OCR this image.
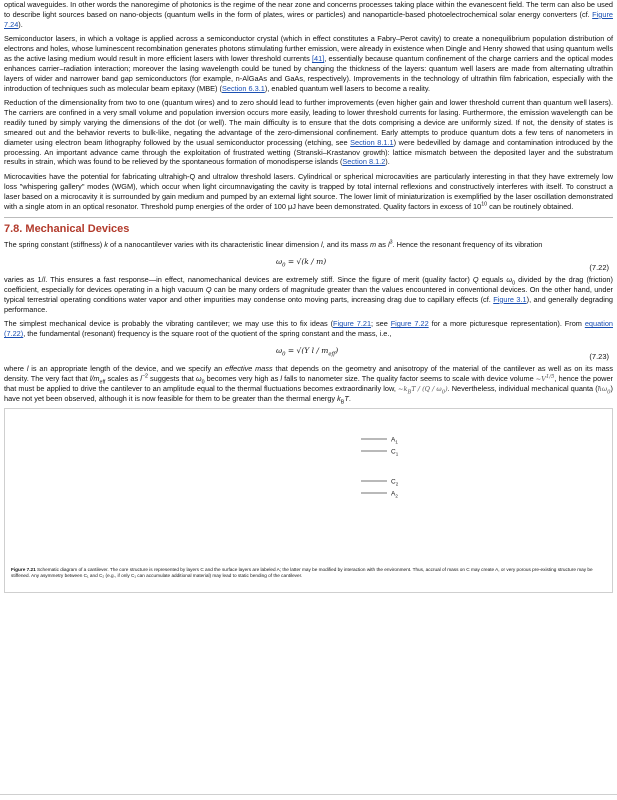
optical waveguides. In other words the nanoregime of photonics is the regime of the near zone and concerns processes taking place within the evanescent field. The term can also be used to describe light sources based on nano-objects (quantum wells in the form of plates, wires or particles) and nanoparticle-based photoelectrochemical solar energy converters (cf. Figure 7.24).

Semiconductor lasers, in which a voltage is applied across a semiconductor crystal (which in effect constitutes a Fabry–Perot cavity) to create a nonequilibrium population distribution of electrons and holes, whose luminescent recombination generates photons stimulating further emission, were already in existence when Dingle and Henry showed that using quantum wells as the active lasing medium would result in more efficient lasers with lower threshold currents [41], essentially because quantum confinement of the charge carriers and the optical modes enhances carrier–radiation interaction; moreover the lasing wavelength could be tuned by changing the thickness of the layers: quantum well lasers are made from alternating ultrathin layers of wider and narrower band gap semiconductors (for example, n-AlGaAs and GaAs, respectively). Improvements in the technology of ultrathin film fabrication, especially with the introduction of techniques such as molecular beam epitaxy (MBE) (Section 6.3.1), enabled quantum well lasers to become a reality.

Reduction of the dimensionality from two to one (quantum wires) and to zero should lead to further improvements (even higher gain and lower threshold current than quantum well lasers). The carriers are confined in a very small volume and population inversion occurs more easily, leading to lower threshold currents for lasing. Furthermore, the emission wavelength can be readily tuned by simply varying the dimensions of the dot (or well). The main difficulty is to ensure that the dots comprising a device are uniformly sized. If not, the density of states is smeared out and the behavior reverts to bulk-like, negating the advantage of the zero-dimensional confinement. Early attempts to produce quantum dots a few tens of nanometers in diameter using electron beam lithography followed by the usual semiconductor processing (etching, see Section 8.1.1) were bedevilled by damage and contamination introduced by the processing. An important advance came through the exploitation of frustrated wetting (Stranski–Krastanov growth): lattice mismatch between the deposited layer and the substratum results in strain, which was found to be relieved by the spontaneous formation of monodisperse islands (Section 8.1.2).

Microcavities have the potential for fabricating ultrahigh-Q and ultralow threshold lasers. Cylindrical or spherical microcavities are particularly interesting in that they have extremely low loss "whispering gallery" modes (WGM), which occur when light circumnavigating the cavity is trapped by total internal reflexions and constructively interferes with itself. To construct a laser based on a microcavity it is surrounded by gain medium and pumped by an external light source. The lower limit of miniaturization is exemplified by the laser oscillation demonstrated with a single atom in an optical resonator. Threshold pump energies of the order of 100 μJ have been demonstrated. Quality factors in excess of $10^{10}$ can be routinely obtained.

7.8. Mechanical Devices

The spring constant (stiffness) k of a nanocantilever varies with its characteristic linear dimension l, and its mass m as $l^3$. Hence the resonant frequency of its vibration

$\omega_0 = √(k / m)$
(7.22)

varies as 1/l. This ensures a fast response—in effect, nanomechanical devices are extremely stiff. Since the figure of merit (quality factor) Q equals $\omega_0$ divided by the drag (friction) coefficient, especially for devices operating in a high vacuum Q can be many orders of magnitude greater than the values encountered in conventional devices. On the other hand, under typical terrestrial operating conditions water vapor and other impurities may condense onto moving parts, increasing drag due to capillary effects (cf. Figure 3.1), and generally degrading performance.

The simplest mechanical device is probably the vibrating cantilever; we may use this to fix ideas (Figure 7.21; see Figure 7.22 for a more picturesque representation). From equation (7.22), the fundamental (resonant) frequency is the square root of the quotient of the spring constant and the mass, i.e.,

$\omega_0 = √(Y$ l / $m_{eff}$)
(7.23)

where l is an appropriate length of the device, and we specify an effective mass that depends on the geometry and anisotropy of the material of the cantilever as well as on its mass density. The very fact that $l/m_{eff}$ scales as $l^{-2}$ suggests that $\omega_0$ becomes very high as l falls to nanometer size. The quality factor seems to scale with device volume $\sim V^{1/5}$, hence the power that must be applied to drive the cantilever to an amplitude equal to the thermal fluctuations becomes extraordinarily low, $\sim k_BT / (Q / \omega_0)$. Nevertheless, individual mechanical quanta $(ħ\omega_0)$ have not yet been observed, although it is now feasible for them to be greater than the thermal energy $k_BT$.

$A_1$
$C_1$
$C_2$
$A_2$
Figure 7.21 Schematic diagram of a cantilever. The core structure is represented by layers C and the surface layers are labeled A; the latter may be modified by interaction with the environment. Thus, accrual of mass on C may create A, or very porous pre-existing structure may be stiffened. Any asymmetry between C₁ and C₂ (e.g., if only C₁ can accumulate additional material) may lead to static bending of the cantilever.
